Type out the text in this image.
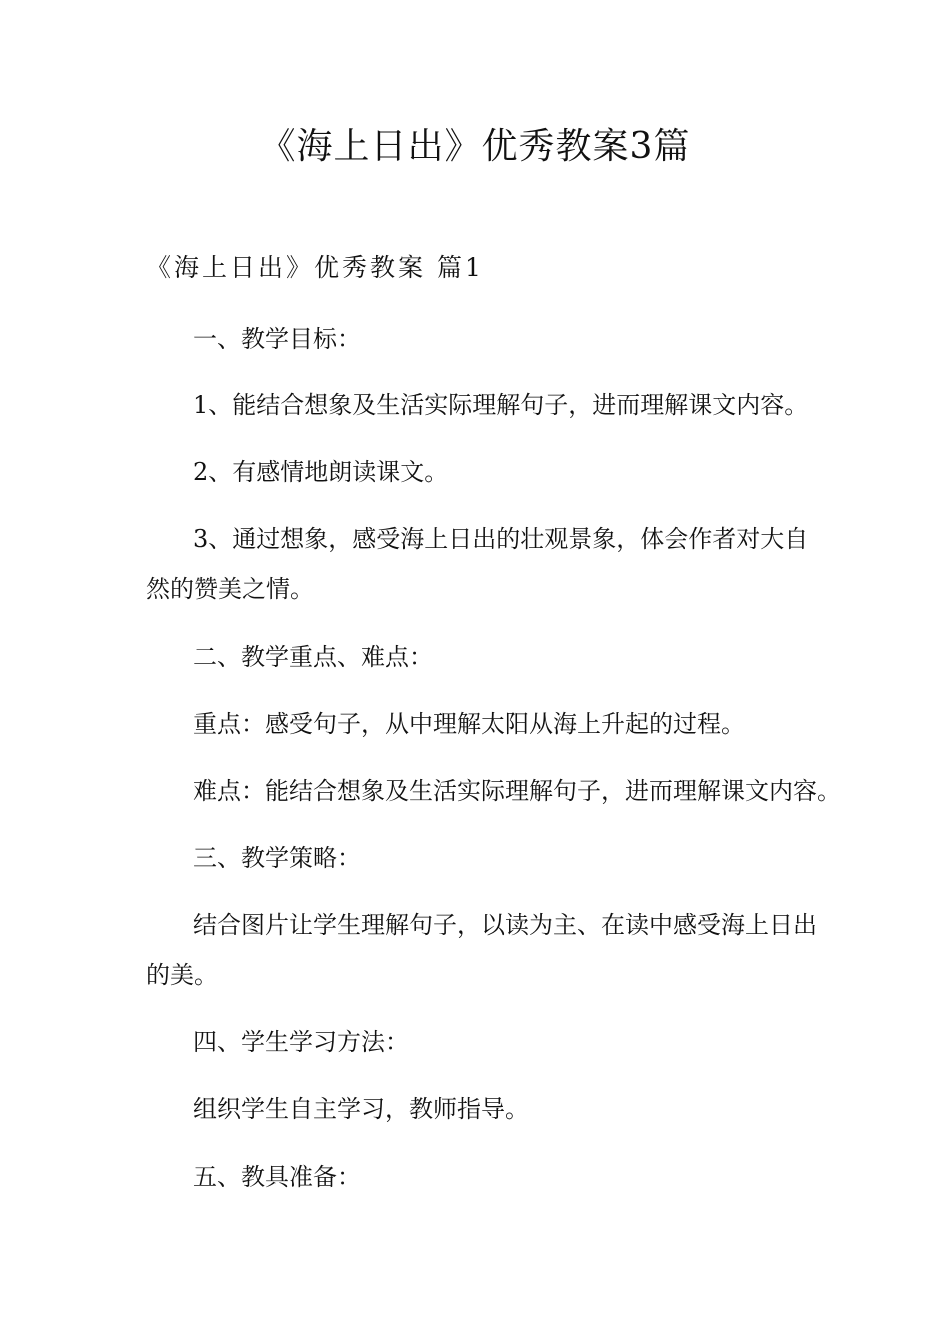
《海上日出》优秀教案3篇
《海上日出》优秀教案 篇1
一、教学目标：
1、能结合想象及生活实际理解句子，进而理解课文内容。
2、有感情地朗读课文。
3、通过想象，感受海上日出的壮观景象，体会作者对大自
然的赞美之情。
二、教学重点、难点：
重点：感受句子，从中理解太阳从海上升起的过程。
难点：能结合想象及生活实际理解句子，进而理解课文内容。
三、教学策略：
结合图片让学生理解句子，以读为主、在读中感受海上日出
的美。
四、学生学习方法：
组织学生自主学习，教师指导。
五、教具准备：
